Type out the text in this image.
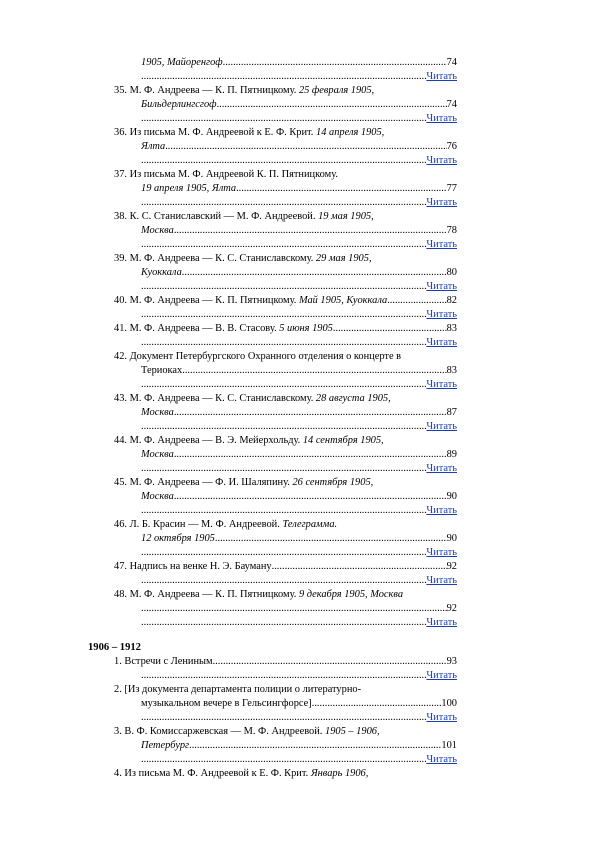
1905, Майоренгоф .....	74
.....
Читать
35. М. Ф. Андреева — К. П. Пятницкому. 25 февраля 1905,
Бильдерлингсгоф .....	74
.....
Читать
36. Из письма М. Ф. Андреевой к Е. Ф. Крит. 14 апреля 1905,
Ялта .....	76
.....
Читать
37. Из письма М. Ф. Андреевой К. П. Пятницкому.
19 апреля 1905, Ялта .....	77
.....
Читать
38. К. С. Станиславский — М. Ф. Андреевой. 19 мая 1905,
Москва .....	78
.....
Читать
39. М. Ф. Андреева — К. С. Станиславскому. 29 мая 1905,
Куоккала .....	80
.....
Читать
40. М. Ф. Андреева — К. П. Пятницкому. Май 1905, Куоккала .....	82
.....
Читать
41. М. Ф. Андреева — В. В. Стасову. 5 июня 1905 .....	83
.....
Читать
42. Документ Петербургского Охранного отделения о концерте в
Териоках .....	83
.....
Читать
43. М. Ф. Андреева — К. С. Станиславскому. 28 августа 1905,
Москва .....	87
.....
Читать
44. М. Ф. Андреева — В. Э. Мейерхольду. 14 сентября 1905,
Москва .....	89
.....
Читать
45. М. Ф. Андреева — Ф. И. Шаляпину. 26 сентября 1905,
Москва .....	90
.....
Читать
46. Л. Б. Красин — М. Ф. Андреевой. Телеграмма.
12 октября 1905 .....	90
.....
Читать
47. Надпись на венке Н. Э. Бауману .....	92
.....
Читать
48. М. Ф. Андреева — К. П. Пятницкому. 9 декабря 1905, Москва
.....
92
.....
Читать
1906 – 1912
1. Встречи с Лениным .....	93
.....
Читать
2. [Из документа департамента полиции о литературно-
музыкальном вечере в Гельсингфорсе] .....	100
.....
Читать
3. В. Ф. Комиссаржевская — М. Ф. Андреевой. 1905 – 1906,
Петербург .....	101
.....
Читать
4. Из письма М. Ф. Андреевой к Е. Ф. Крит. Январь 1906,
